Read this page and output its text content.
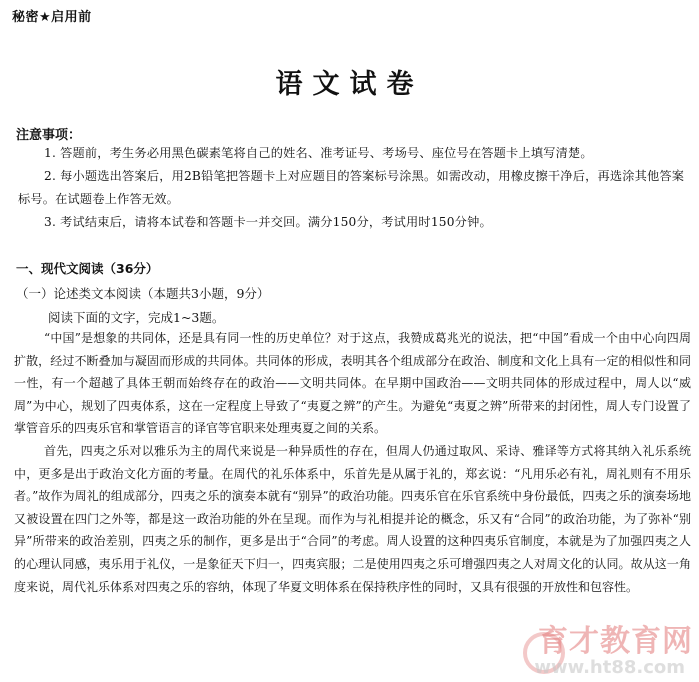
秘密★启用前
语文试卷
注意事项：

1. 答题前，考生务必用黑色碳素笔将自己的姓名、准考证号、考场号、座位号在答题卡上填写清楚。

2. 每小题选出答案后，用2B铅笔把答题卡上对应题目的答案标号涂黑。如需改动，用橡皮擦干净后，再选涂其他答案标号。在试题卷上作答无效。

3. 考试结束后，请将本试卷和答题卡一并交回。满分150分，考试用时150分钟。

一、现代文阅读（36分）
（一）论述类文本阅读（本题共3小题，9分）
阅读下面的文字，完成1~3题。

“中国”是想象的共同体，还是具有同一性的历史单位？对于这点，我赞成葛兆光的说法，把“中国”看成一个由中心向四周扩散，经过不断叠加与凝固而形成的共同体。共同体的形成，表明其各个组成部分在政治、制度和文化上具有一定的相似性和同一性，有一个超越了具体王朝而始终存在的政治——文明共同体。在早期中国政治——文明共同体的形成过程中，周人以“威周”为中心，规划了四夷体系，这在一定程度上导致了“夷夏之辨”的产生。为避免“夷夏之辨”所带来的封闭性，周人专门设置了掌管音乐的四夷乐官和掌管语言的译官等官职来处理夷夏之间的关系。

首先，四夷之乐对以雅乐为主的周代来说是一种异质性的存在，但周人仍通过取风、采诗、雅译等方式将其纳入礼乐系统中，更多是出于政治文化方面的考量。在周代的礼乐体系中，乐首先是从属于礼的，郑玄说：“凡用乐必有礼，周礼则有不用乐者。”故作为周礼的组成部分，四夷之乐的演奏本就有“别异”的政治功能。四夷乐官在乐官系统中身份最低，四夷之乐的演奏场地又被设置在四门之外等，都是这一政治功能的外在呈现。而作为与礼相提并论的概念，乐又有“合同”的政治功能，为了弥补“别异”所带来的政治差别，四夷之乐的制作，更多是出于“合同”的考虑。周人设置的这种四夷乐官制度，本就是为了加强四夷之人的心理认同感，夷乐用于礼仪，一是象征天下归一，四夷宾服；二是使用四夷之乐可增强四夷之人对周文化的认同。故从这一角度来说，周代礼乐体系对四夷之乐的容纳，体现了华夏文明体系在保持秩序性的同时，又具有很强的开放性和包容性。

育才教育网
www.ht88.com
